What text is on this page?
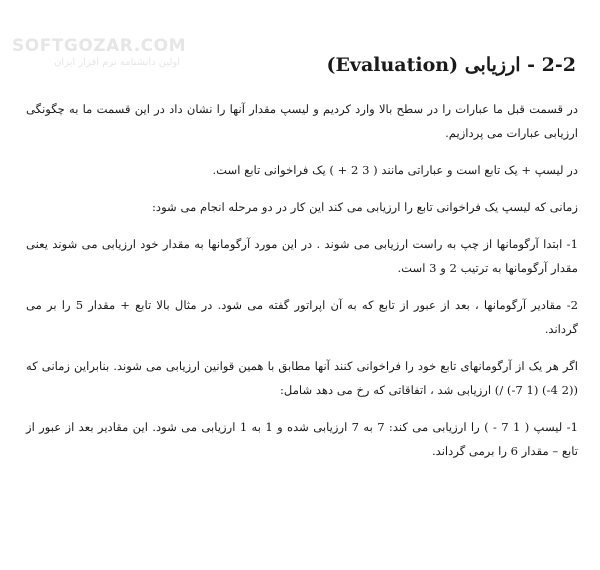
SOFTGOZAR.COM
اولین دانشنامه نرم افزار ایران	2-2 - ارزیابی (Evaluation)

در قسمت قبل ما عبارات را در سطح بالا وارد کردیم و لیسپ مقدار آنها را نشان داد در این قسمت ما به چگونگی ارزیابی عبارات می پردازیم.

در لیسپ + یک تابع است و عباراتی مانند ( 3 2 + ) یک فراخوانی تابع است.

زمانی که لیسپ یک فراخوانی تابع را ارزیابی می کند این کار در دو مرحله انجام می شود:

1- ابتدا آرگومانها از چپ به راست ارزیابی می شوند . در این مورد آرگومانها به مقدار خود ارزیابی می شوند یعنی مقدار آرگومانها به ترتیب 2 و 3 است.

2- مقادیر آرگومانها ، بعد از عبور از تابع که به آن اپراتور گفته می شود. در مثال بالا تابع + مقدار 5 را بر می گرداند.

اگر هر یک از آرگومانهای تابع خود را فراخوانی کنند آنها مطابق با همین قوانین ارزیابی می شوند. بنابراین زمانی که ((2 4-) (1 7-) /) ارزیابی شد ، اتفاقاتی که رخ می دهد شامل:

1- لیسپ ( 1 7 - ) را ارزیابی می کند: 7 به 7 ارزیابی شده و 1 به 1 ارزیابی می شود. این مقادیر بعد از عبور از تابع – مقدار 6 را برمی گرداند.
